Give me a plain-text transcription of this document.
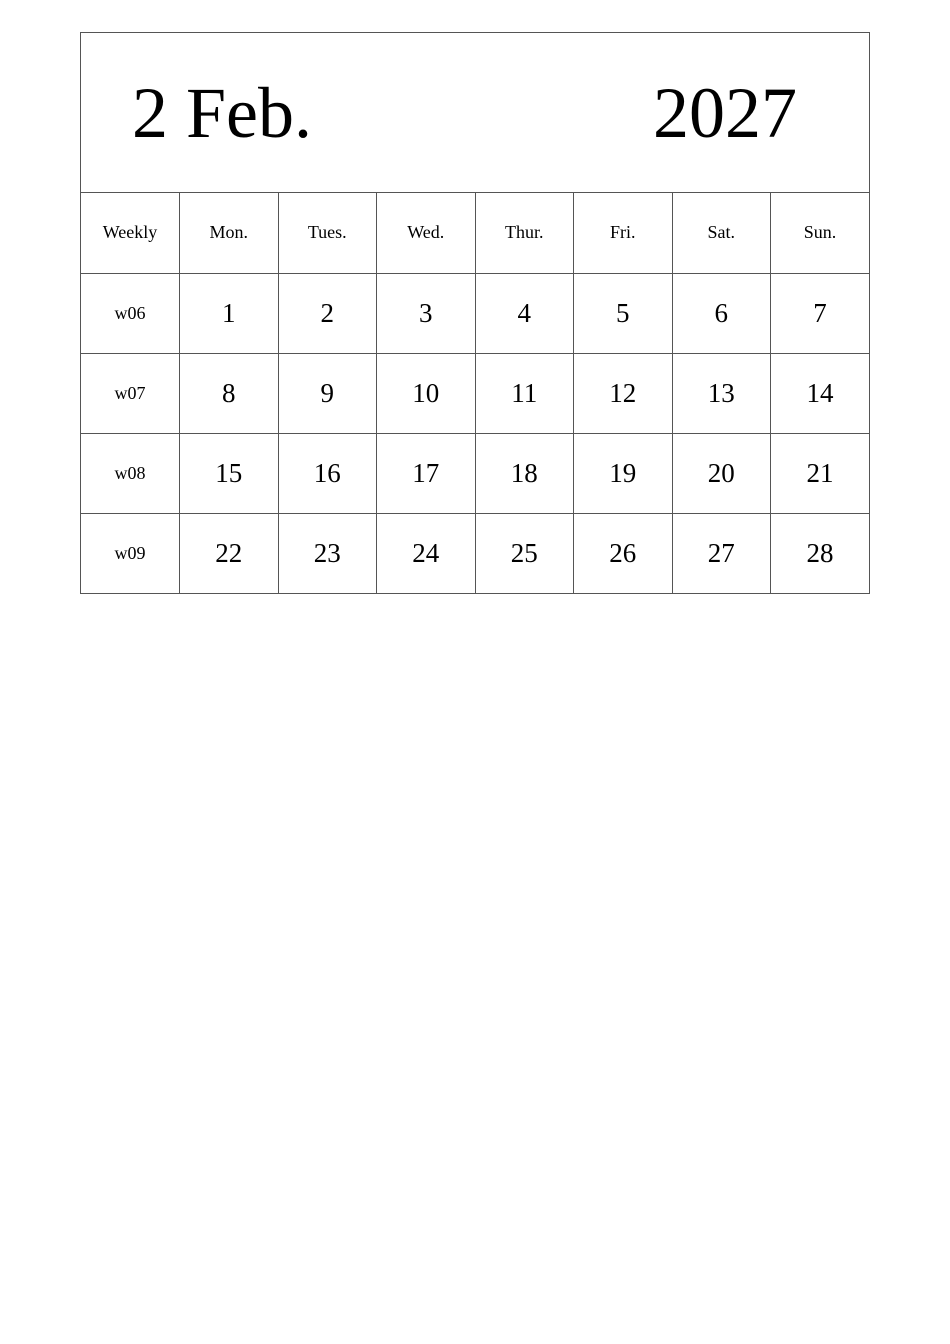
2 Feb.	2027
Weekly	Mon.	Tues.	Wed.	Thur.	Fri.	Sat.	Sun.
w06	1	2	3	4	5	6	7
w07	8	9	10	11	12	13	14
w08	15	16	17	18	19	20	21
w09	22	23	24	25	26	27	28
